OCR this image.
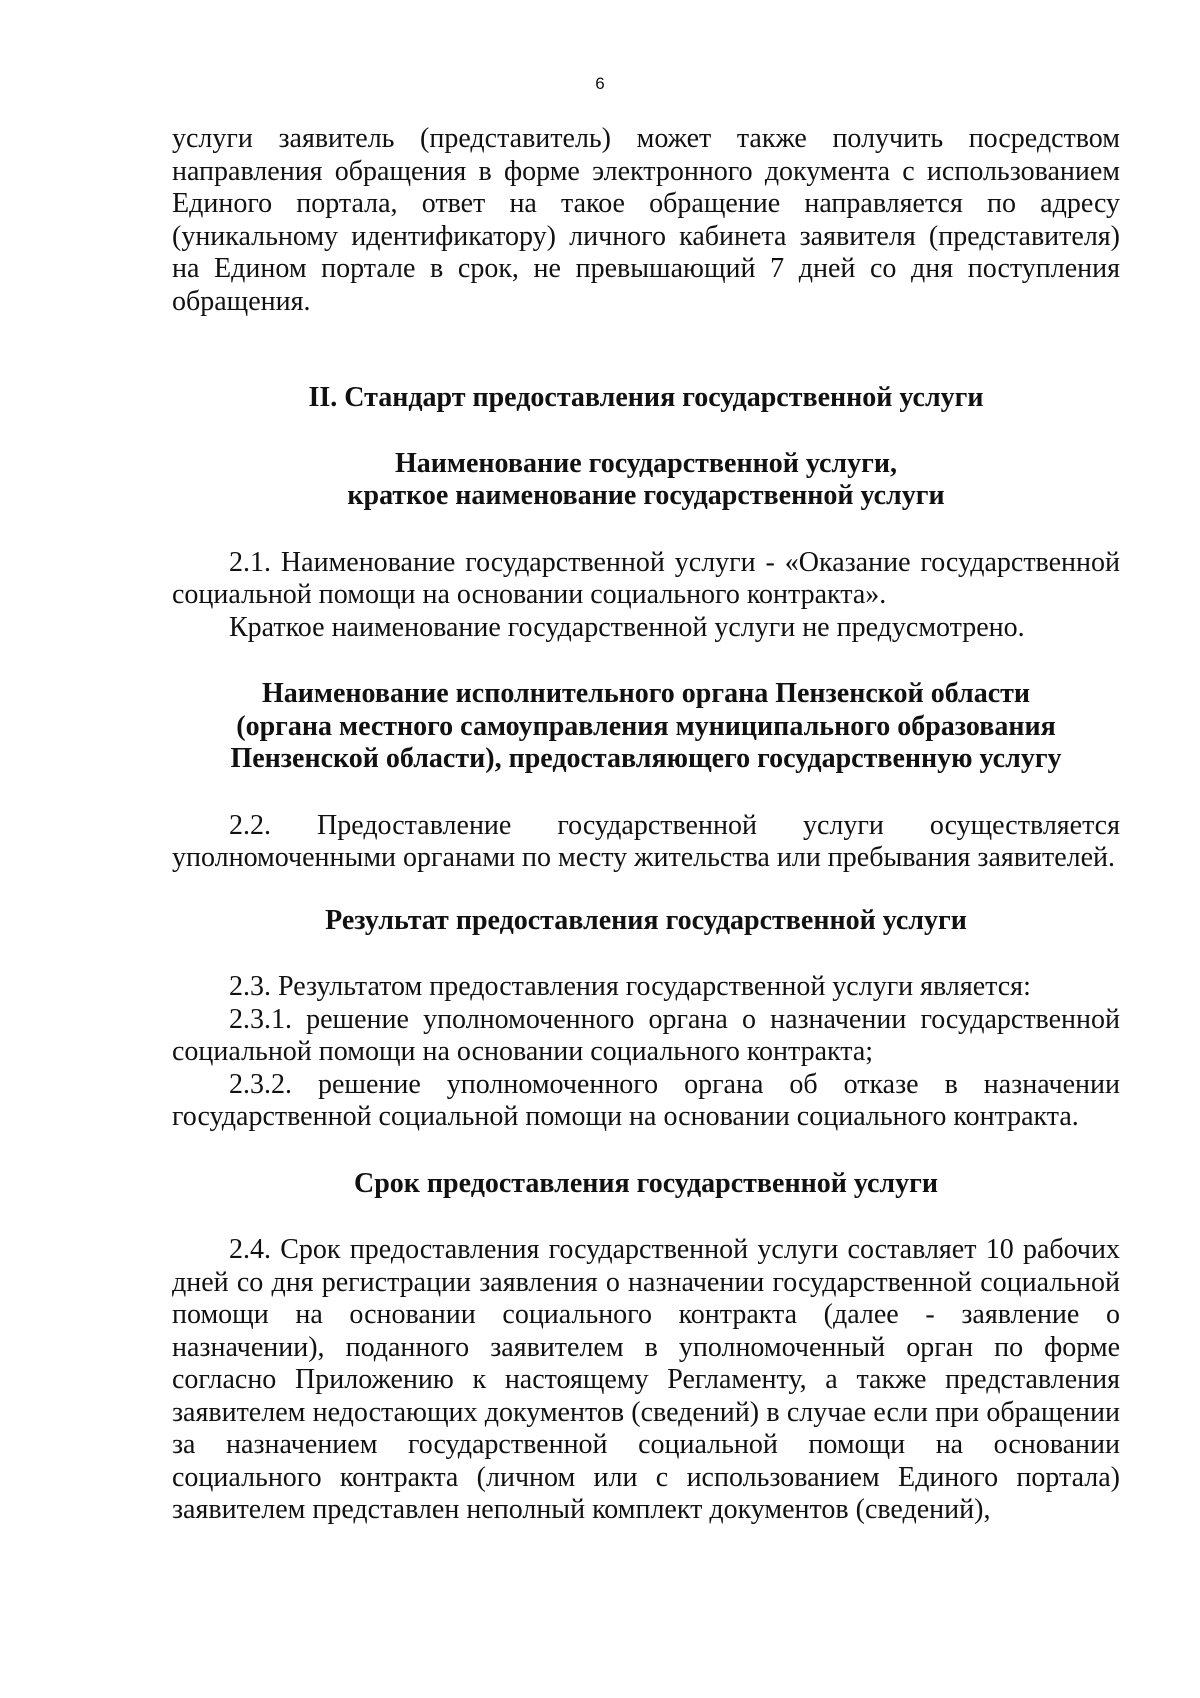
6

услуги заявитель (представитель) может также получить посредством направления обращения в форме электронного документа с использованием Единого портала, ответ на такое обращение направляется по адресу (уникальному идентификатору) личного кабинета заявителя (представителя) на Едином портале в срок, не превышающий 7 дней со дня поступления обращения.

II. Стандарт предоставления государственной услуги

Наименование государственной услуги,
краткое наименование государственной услуги

2.1. Наименование государственной услуги - «Оказание государственной социальной помощи на основании социального контракта».

Краткое наименование государственной услуги не предусмотрено.

Наименование исполнительного органа Пензенской области
(органа местного самоуправления муниципального образования
Пензенской области), предоставляющего государственную услугу

2.2. Предоставление государственной услуги осуществляется уполномоченными органами по месту жительства или пребывания заявителей.

Результат предоставления государственной услуги

2.3. Результатом предоставления государственной услуги является:

2.3.1. решение уполномоченного органа о назначении государственной социальной помощи на основании социального контракта;

2.3.2. решение уполномоченного органа об отказе в назначении государственной социальной помощи на основании социального контракта.

Срок предоставления государственной услуги

2.4. Срок предоставления государственной услуги составляет 10 рабочих дней со дня регистрации заявления о назначении государственной социальной помощи на основании социального контракта (далее - заявление о назначении), поданного заявителем в уполномоченный орган по форме согласно Приложению к настоящему Регламенту, а также представления заявителем недостающих документов (сведений) в случае если при обращении за назначением государственной социальной помощи на основании социального контракта (личном или с использованием Единого портала) заявителем представлен неполный комплект документов (сведений),
